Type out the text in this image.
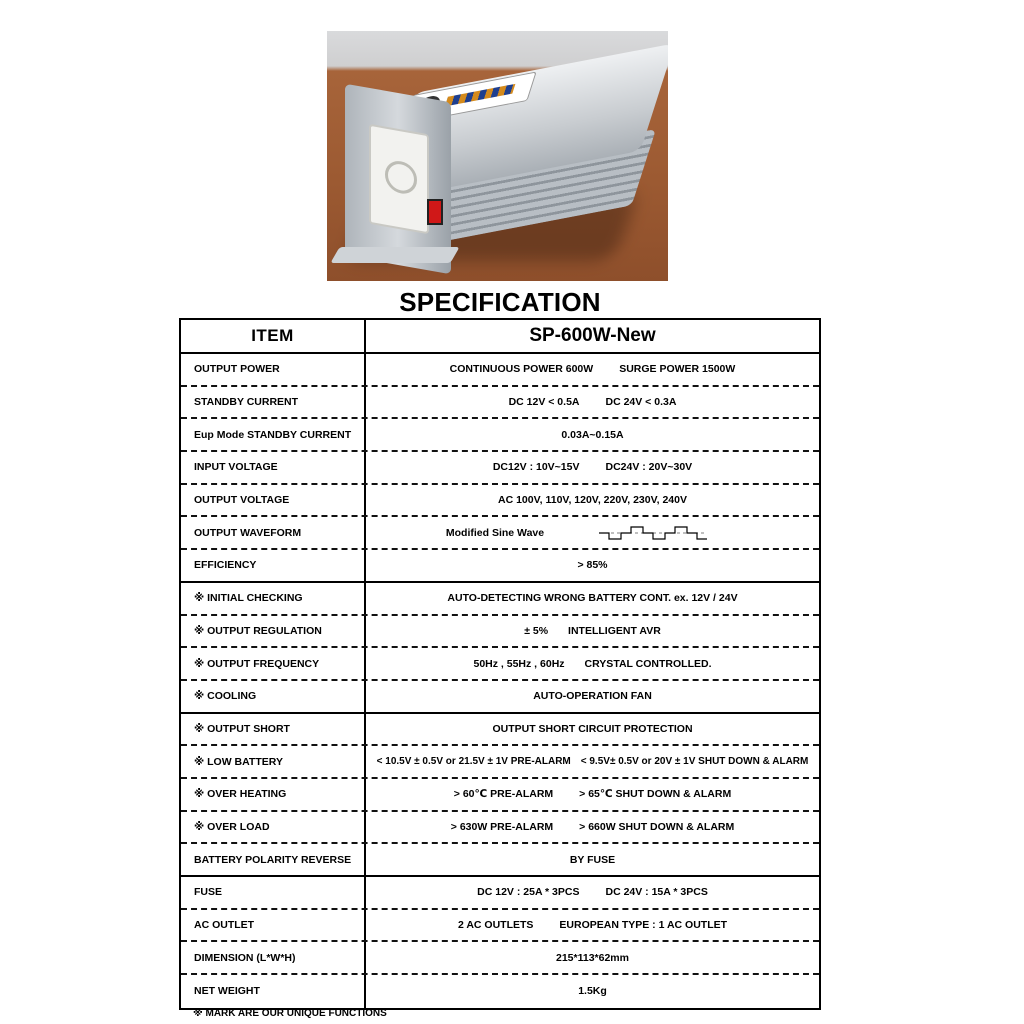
SPECIFICATION
ITEM	SP-600W-New
OUTPUT POWER	CONTINUOUS POWER 600W SURGE POWER 1500W
STANDBY CURRENT	DC 12V < 0.5A DC 24V < 0.3A
Eup Mode STANDBY CURRENT	0.03A~0.15A
INPUT VOLTAGE	DC12V : 10V~15V DC24V : 20V~30V
OUTPUT VOLTAGE	AC 100V, 110V, 120V, 220V, 230V, 240V
OUTPUT WAVEFORM	Modified Sine Wave
EFFICIENCY	> 85%
※ INITIAL CHECKING	AUTO-DETECTING WRONG BATTERY CONT. ex. 12V / 24V
※ OUTPUT REGULATION	± 5% INTELLIGENT AVR
※ OUTPUT FREQUENCY	50Hz , 55Hz , 60Hz CRYSTAL CONTROLLED.
※ COOLING	AUTO-OPERATION FAN
※ OUTPUT SHORT	OUTPUT SHORT CIRCUIT PROTECTION
※ LOW BATTERY	< 10.5V ± 0.5V or 21.5V ± 1V PRE-ALARM < 9.5V± 0.5V or 20V ± 1V SHUT DOWN & ALARM
※ OVER HEATING	> 60℃ PRE-ALARM > 65℃ SHUT DOWN & ALARM
※ OVER LOAD	> 630W PRE-ALARM > 660W SHUT DOWN & ALARM
BATTERY POLARITY REVERSE	BY FUSE
FUSE	DC 12V : 25A * 3PCS DC 24V : 15A * 3PCS
AC OUTLET	2 AC OUTLETS EUROPEAN TYPE : 1 AC OUTLET
DIMENSION (L*W*H)	215*113*62mm
NET WEIGHT	1.5Kg
※ MARK ARE OUR UNIQUE FUNCTIONS
